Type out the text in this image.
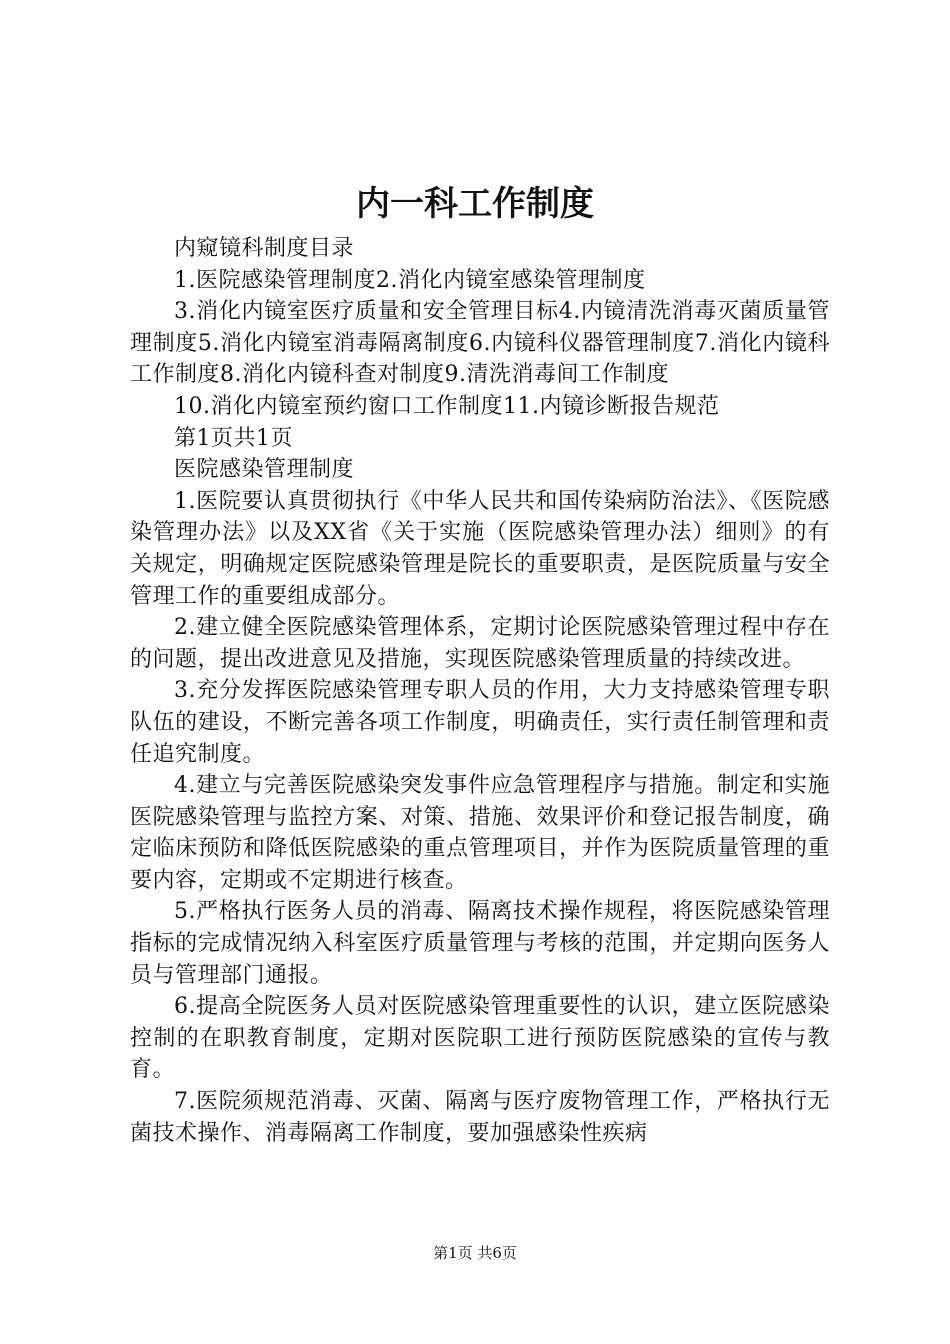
内一科工作制度

内窥镜科制度目录

1.医院感染管理制度2.消化内镜室感染管理制度

3.消化内镜室医疗质量和安全管理目标4.内镜清洗消毒灭菌质量管理制度5.消化内镜室消毒隔离制度6.内镜科仪器管理制度7.消化内镜科工作制度8.消化内镜科查对制度9.清洗消毒间工作制度

10.消化内镜室预约窗口工作制度11.内镜诊断报告规范

第1页共1页

医院感染管理制度

1.医院要认真贯彻执行《中华人民共和国传染病防治法》、《医院感染管理办法》以及XX省《关于实施（医院感染管理办法）细则》的有关规定，明确规定医院感染管理是院长的重要职责，是医院质量与安全管理工作的重要组成部分。

2.建立健全医院感染管理体系，定期讨论医院感染管理过程中存在的问题，提出改进意见及措施，实现医院感染管理质量的持续改进。

3.充分发挥医院感染管理专职人员的作用，大力支持感染管理专职队伍的建设，不断完善各项工作制度，明确责任，实行责任制管理和责任追究制度。

4.建立与完善医院感染突发事件应急管理程序与措施。制定和实施医院感染管理与监控方案、对策、措施、效果评价和登记报告制度，确定临床预防和降低医院感染的重点管理项目，并作为医院质量管理的重要内容，定期或不定期进行核查。

5.严格执行医务人员的消毒、隔离技术操作规程，将医院感染管理指标的完成情况纳入科室医疗质量管理与考核的范围，并定期向医务人员与管理部门通报。

6.提高全院医务人员对医院感染管理重要性的认识，建立医院感染控制的在职教育制度，定期对医院职工进行预防医院感染的宣传与教育。

7.医院须规范消毒、灭菌、隔离与医疗废物管理工作，严格执行无菌技术操作、消毒隔离工作制度，要加强感染性疾病

第1页 共6页
